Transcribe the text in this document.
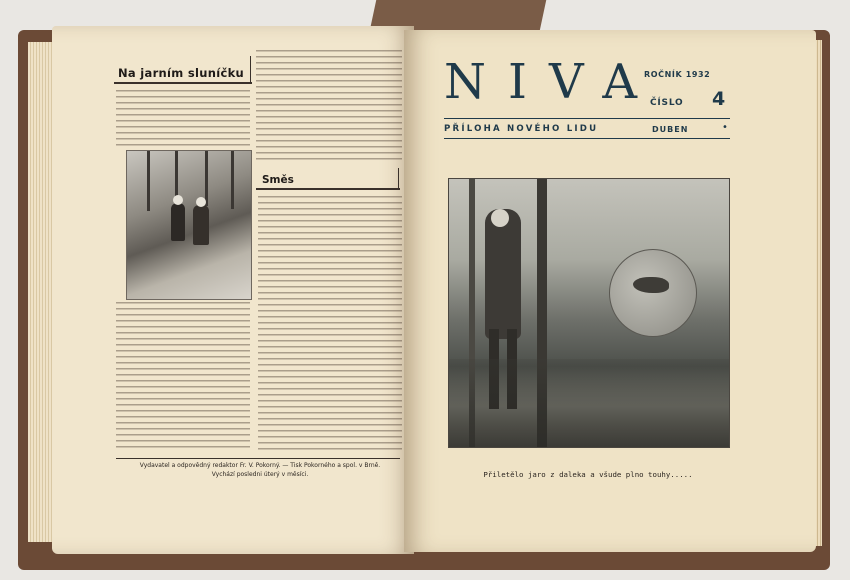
Na jarním sluníčku
Směs
Vydavatel a odpovědný redaktor Fr. V. Pokorný. — Tisk Pokorného a spol. v Brně.
Vychází posledni úterý v měsíci.
NIVA
ROČNÍK 1932
ČÍSLO 4
PŘÍLOHA NOVÉHO LIDU	DUBEN	•
Přiletělo jaro z daleka a všude plno touhy.....
